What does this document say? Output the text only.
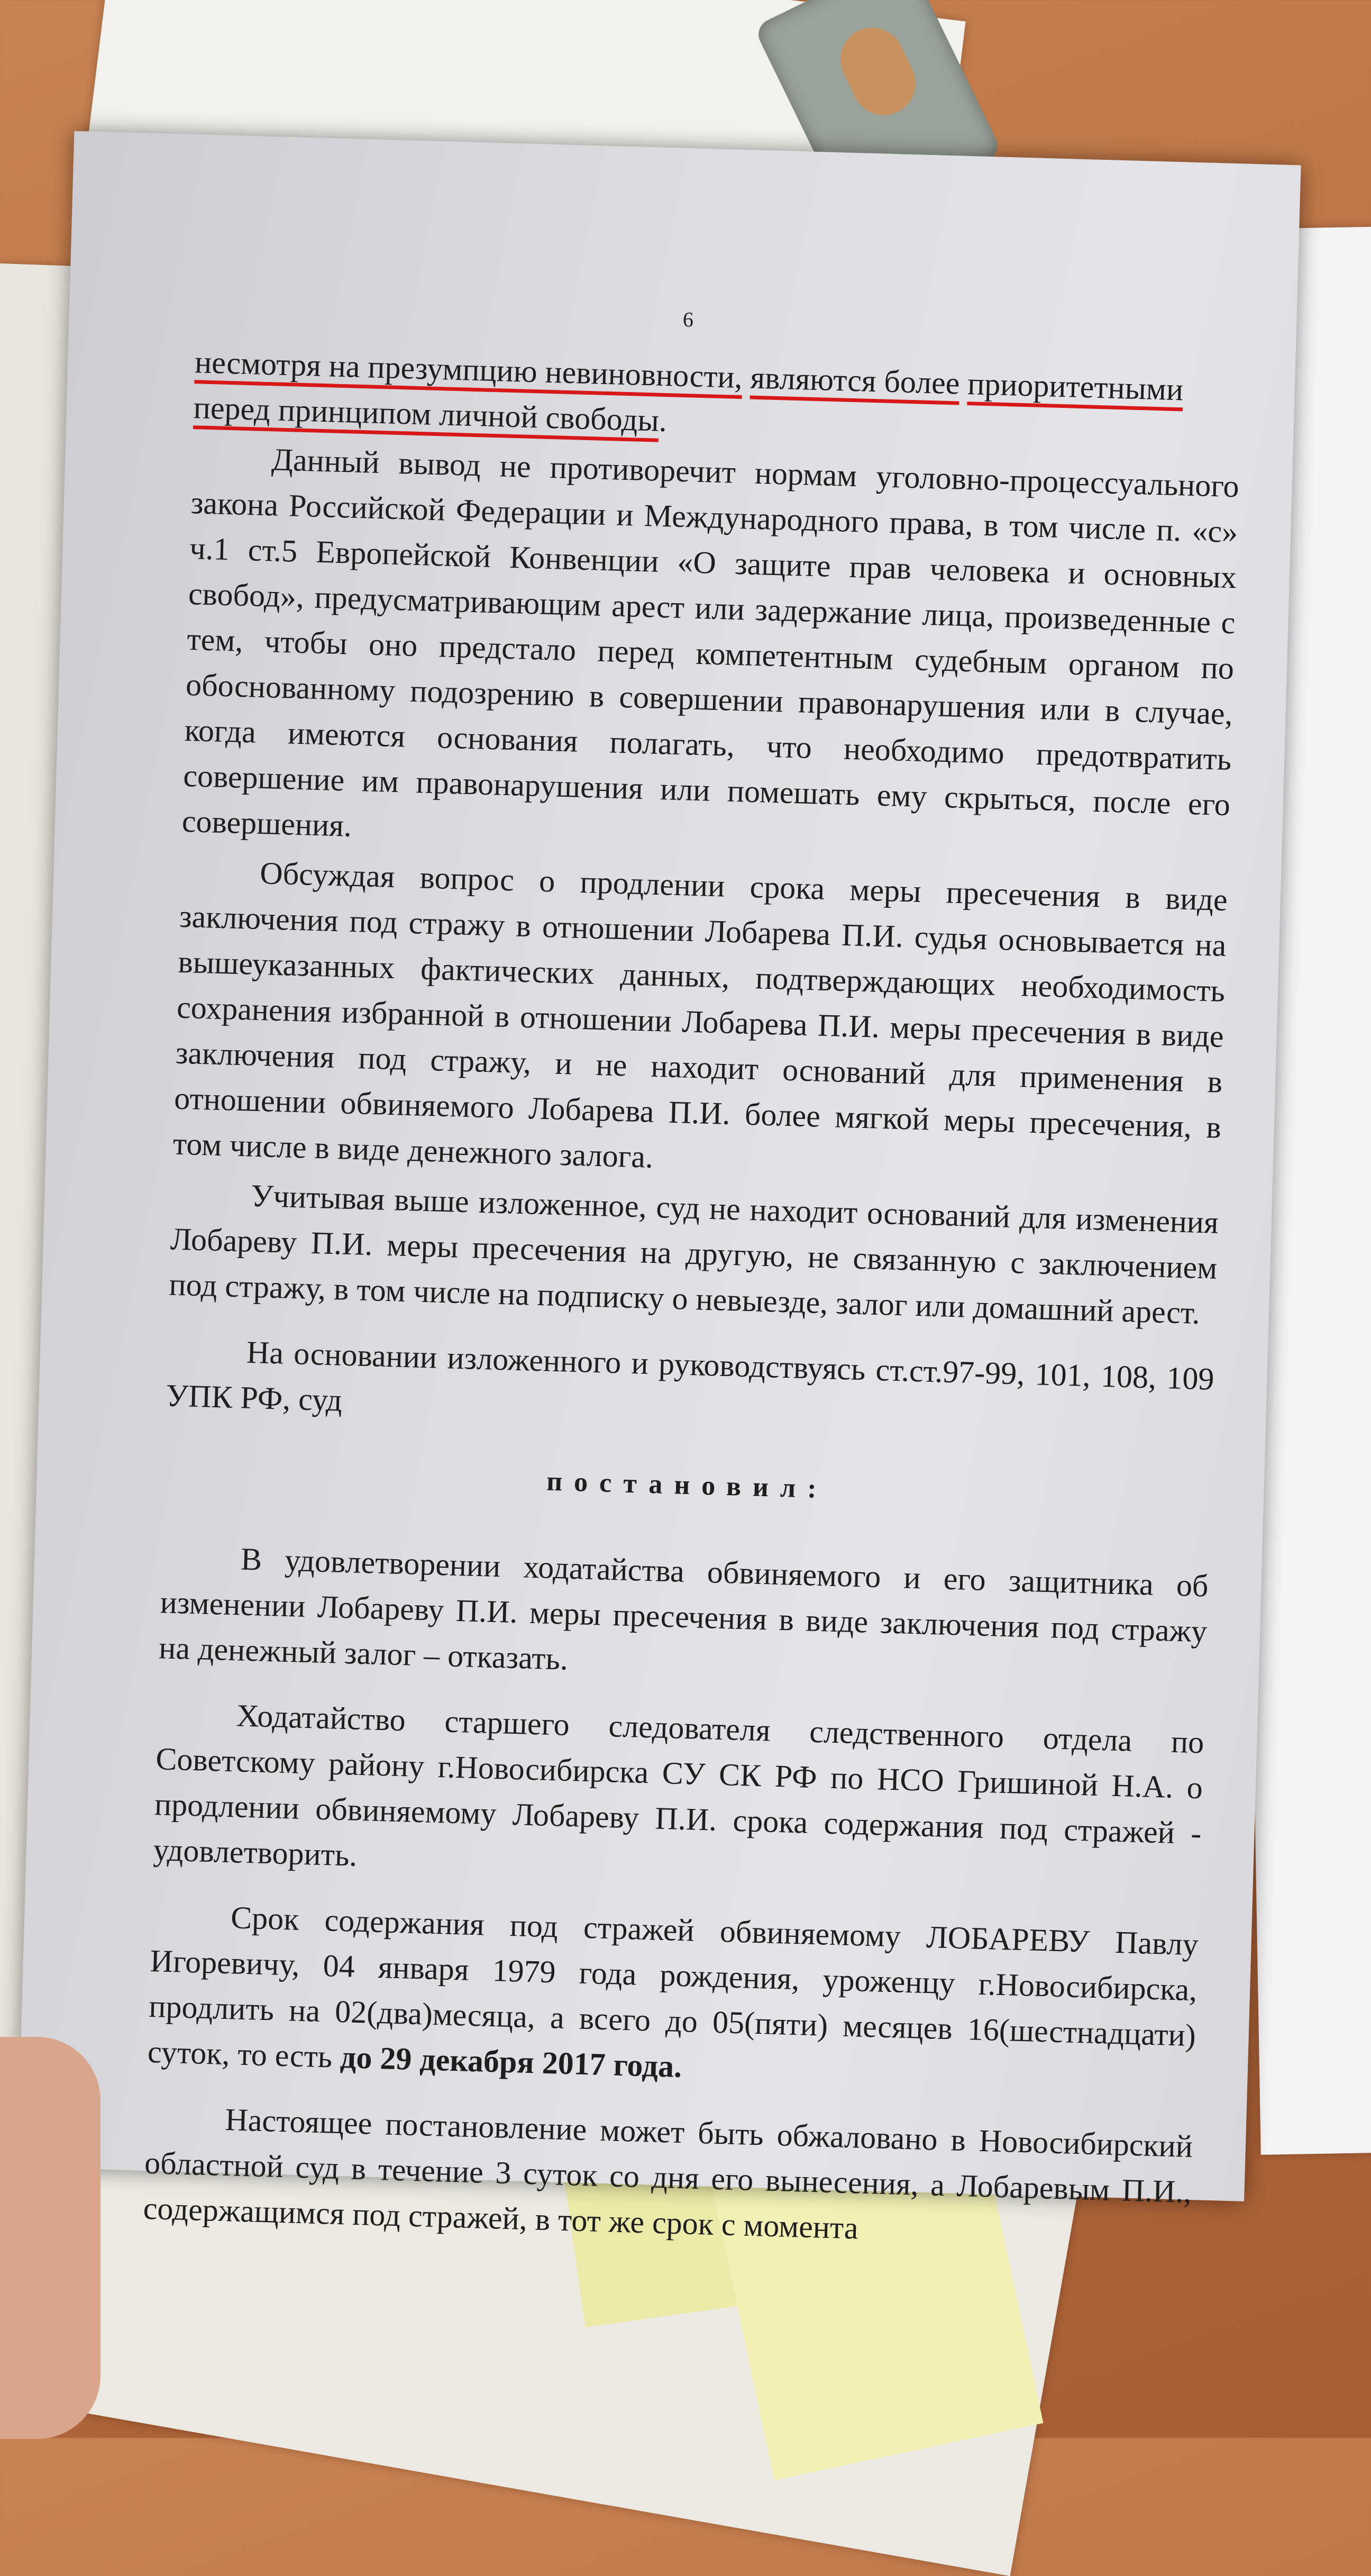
6

несмотря на презумпцию невиновности, являются более приоритетными
перед принципом личной свободы.

Данный вывод не противоречит нормам уголовно-процессуального закона Российской Федерации и Международного права, в том числе п. «с» ч.1 ст.5 Европейской Конвенции «О защите прав человека и основных свобод», предусматривающим арест или задержание лица, произведенные с тем, чтобы оно предстало перед компетентным судебным органом по обоснованному подозрению в совершении правонарушения или в случае, когда имеются основания полагать, что необходимо предотвратить совершение им правонарушения или помешать ему скрыться, после его совершения.

Обсуждая вопрос о продлении срока меры пресечения в виде заключения под стражу в отношении Лобарева П.И. судья основывается на вышеуказанных фактических данных, подтверждающих необходимость сохранения избранной в отношении Лобарева П.И. меры пресечения в виде заключения под стражу, и не находит оснований для применения в отношении обвиняемого Лобарева П.И. более мягкой меры пресечения, в том числе в виде денежного залога.

Учитывая выше изложенное, суд не находит оснований для изменения Лобареву П.И. меры пресечения на другую, не связанную с заключением под стражу, в том числе на подписку о невыезде, залог или домашний арест.

На основании изложенного и руководствуясь ст.ст.97-99, 101, 108, 109 УПК РФ, суд

постановил:

В удовлетворении ходатайства обвиняемого и его защитника об изменении Лобареву П.И. меры пресечения в виде заключения под стражу на денежный залог – отказать.

Ходатайство старшего следователя следственного отдела по Советскому району г.Новосибирска СУ СК РФ по НСО Гришиной Н.А. о продлении обвиняемому Лобареву П.И. срока содержания под стражей - удовлетворить.

Срок содержания под стражей обвиняемому ЛОБАРЕВУ Павлу Игоревичу, 04 января 1979 года рождения, уроженцу г.Новосибирска, продлить на 02(два)месяца, а всего до 05(пяти) месяцев 16(шестнадцати) суток, то есть до 29 декабря 2017 года.

Настоящее постановление может быть обжаловано в Новосибирский областной суд в течение 3 суток со дня его вынесения, а Лобаревым П.И., содержащимся под стражей, в тот же срок с момента
